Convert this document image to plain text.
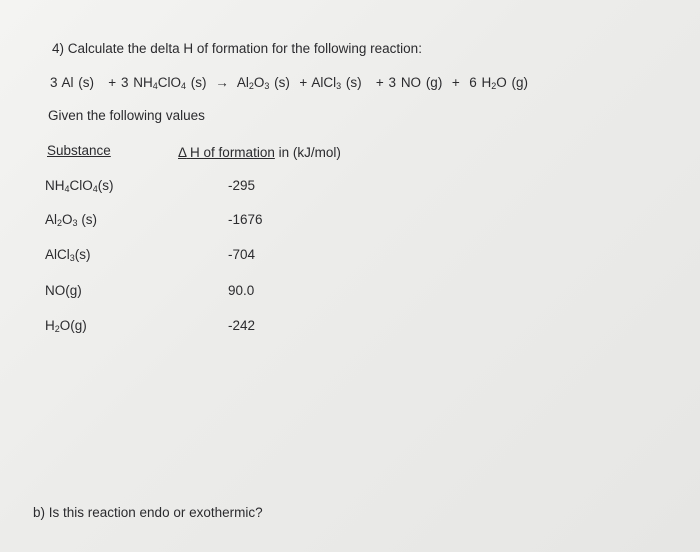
4) Calculate the delta H of formation for the following reaction:
3 Al (s) + 3 $NH_4ClO_4$ $(s) \to Al_2O_3$ (s) + AlCl$_3$ (s) + 3 NO (g) + 6 $H_2O$ (g)
Given the following values
Substance	Δ H of formation in (kJ/mol)
$NH_4ClO_4(s)$	-295
$Al_2O_3$ (s)	-1676
AlCl$_3$(s)	-704
NO(g)	90.0
$H_2O(g)$	-242
b) Is this reaction endo or exothermic?
